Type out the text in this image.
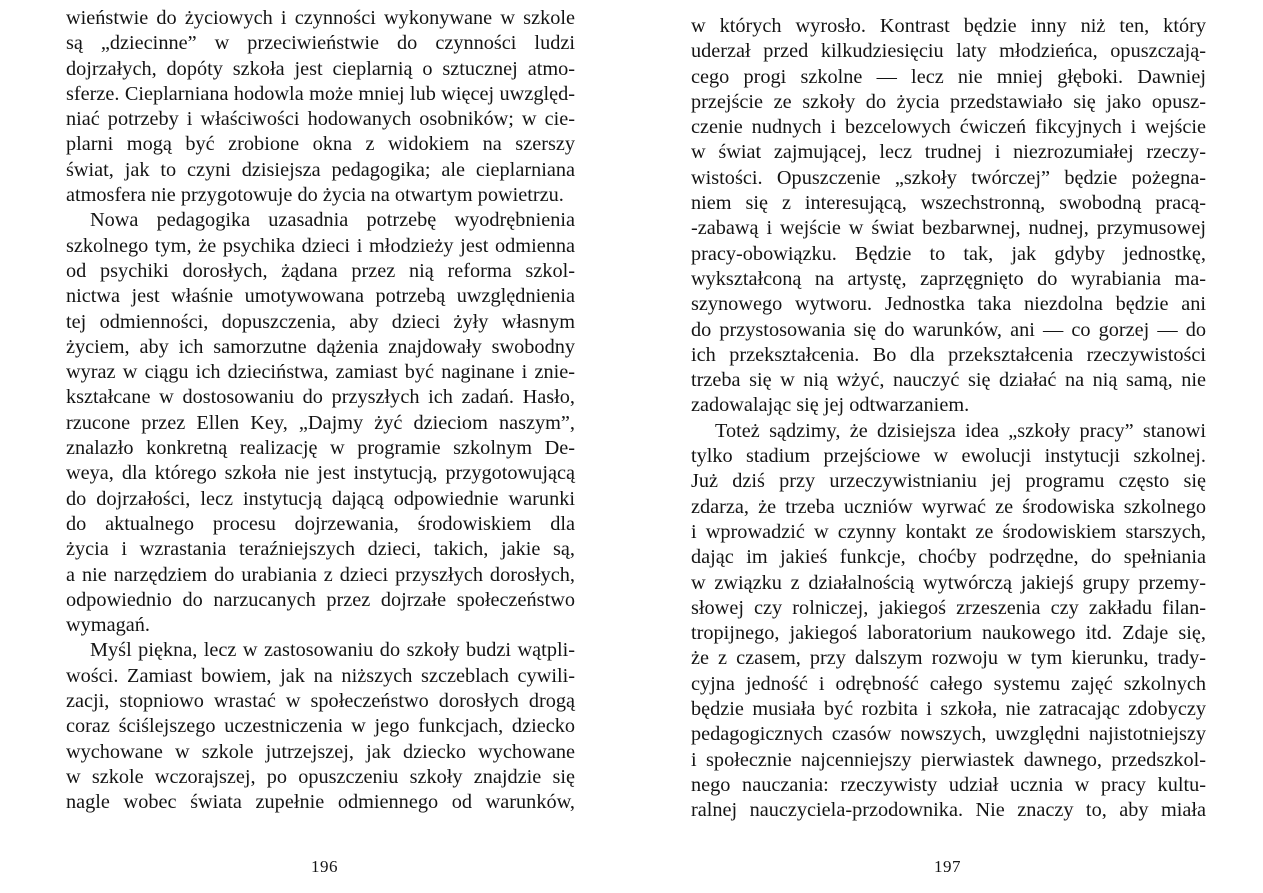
wieństwie do życiowych i czynności wykonywane w szkole
są „dziecinne” w przeciwieństwie do czynności ludzi
dojrzałych, dopóty szkoła jest cieplarnią o sztucznej atmo-
sferze. Cieplarniana hodowla może mniej lub więcej uwzględ-
niać potrzeby i właściwości hodowanych osobników; w cie-
plarni mogą być zrobione okna z widokiem na szerszy
świat, jak to czyni dzisiejsza pedagogika; ale cieplarniana
atmosfera nie przygotowuje do życia na otwartym powietrzu.
Nowa pedagogika uzasadnia potrzebę wyodrębnienia
szkolnego tym, że psychika dzieci i młodzieży jest odmienna
od psychiki dorosłych, żądana przez nią reforma szkol-
nictwa jest właśnie umotywowana potrzebą uwzględnienia
tej odmienności, dopuszczenia, aby dzieci żyły własnym
życiem, aby ich samorzutne dążenia znajdowały swobodny
wyraz w ciągu ich dzieciństwa, zamiast być naginane i znie-
kształcane w dostosowaniu do przyszłych ich zadań. Hasło,
rzucone przez Ellen Key, „Dajmy żyć dzieciom naszym”,
znalazło konkretną realizację w programie szkolnym De-
weya, dla którego szkoła nie jest instytucją, przygotowującą
do dojrzałości, lecz instytucją dającą odpowiednie warunki
do aktualnego procesu dojrzewania, środowiskiem dla
życia i wzrastania teraźniejszych dzieci, takich, jakie są,
a nie narzędziem do urabiania z dzieci przyszłych dorosłych,
odpowiednio do narzucanych przez dojrzałe społeczeństwo
wymagań.
Myśl piękna, lecz w zastosowaniu do szkoły budzi wątpli-
wości. Zamiast bowiem, jak na niższych szczeblach cywili-
zacji, stopniowo wrastać w społeczeństwo dorosłych drogą
coraz ściślejszego uczestniczenia w jego funkcjach, dziecko
wychowane w szkole jutrzejszej, jak dziecko wychowane
w szkole wczorajszej, po opuszczeniu szkoły znajdzie się
nagle wobec świata zupełnie odmiennego od warunków,
196
w których wyrosło. Kontrast będzie inny niż ten, który
uderzał przed kilkudziesięciu laty młodzieńca, opuszczają-
cego progi szkolne — lecz nie mniej głęboki. Dawniej
przejście ze szkoły do życia przedstawiało się jako opusz-
czenie nudnych i bezcelowych ćwiczeń fikcyjnych i wejście
w świat zajmującej, lecz trudnej i niezrozumiałej rzeczy-
wistości. Opuszczenie „szkoły twórczej” będzie pożegna-
niem się z interesującą, wszechstronną, swobodną pracą-
-zabawą i wejście w świat bezbarwnej, nudnej, przymusowej
pracy-obowiązku. Będzie to tak, jak gdyby jednostkę,
wykształconą na artystę, zaprzęgnięto do wyrabiania ma-
szynowego wytworu. Jednostka taka niezdolna będzie ani
do przystosowania się do warunków, ani — co gorzej — do
ich przekształcenia. Bo dla przekształcenia rzeczywistości
trzeba się w nią wżyć, nauczyć się działać na nią samą, nie
zadowalając się jej odtwarzaniem.
Toteż sądzimy, że dzisiejsza idea „szkoły pracy” stanowi
tylko stadium przejściowe w ewolucji instytucji szkolnej.
Już dziś przy urzeczywistnianiu jej programu często się
zdarza, że trzeba uczniów wyrwać ze środowiska szkolnego
i wprowadzić w czynny kontakt ze środowiskiem starszych,
dając im jakieś funkcje, choćby podrzędne, do spełniania
w związku z działalnością wytwórczą jakiejś grupy przemy-
słowej czy rolniczej, jakiegoś zrzeszenia czy zakładu filan-
tropijnego, jakiegoś laboratorium naukowego itd. Zdaje się,
że z czasem, przy dalszym rozwoju w tym kierunku, trady-
cyjna jedność i odrębność całego systemu zajęć szkolnych
będzie musiała być rozbita i szkoła, nie zatracając zdobyczy
pedagogicznych czasów nowszych, uwzględni najistotniejszy
i społecznie najcenniejszy pierwiastek dawnego, przedszkol-
nego nauczania: rzeczywisty udział ucznia w pracy kultu-
ralnej nauczyciela-przodownika. Nie znaczy to, aby miała
197
